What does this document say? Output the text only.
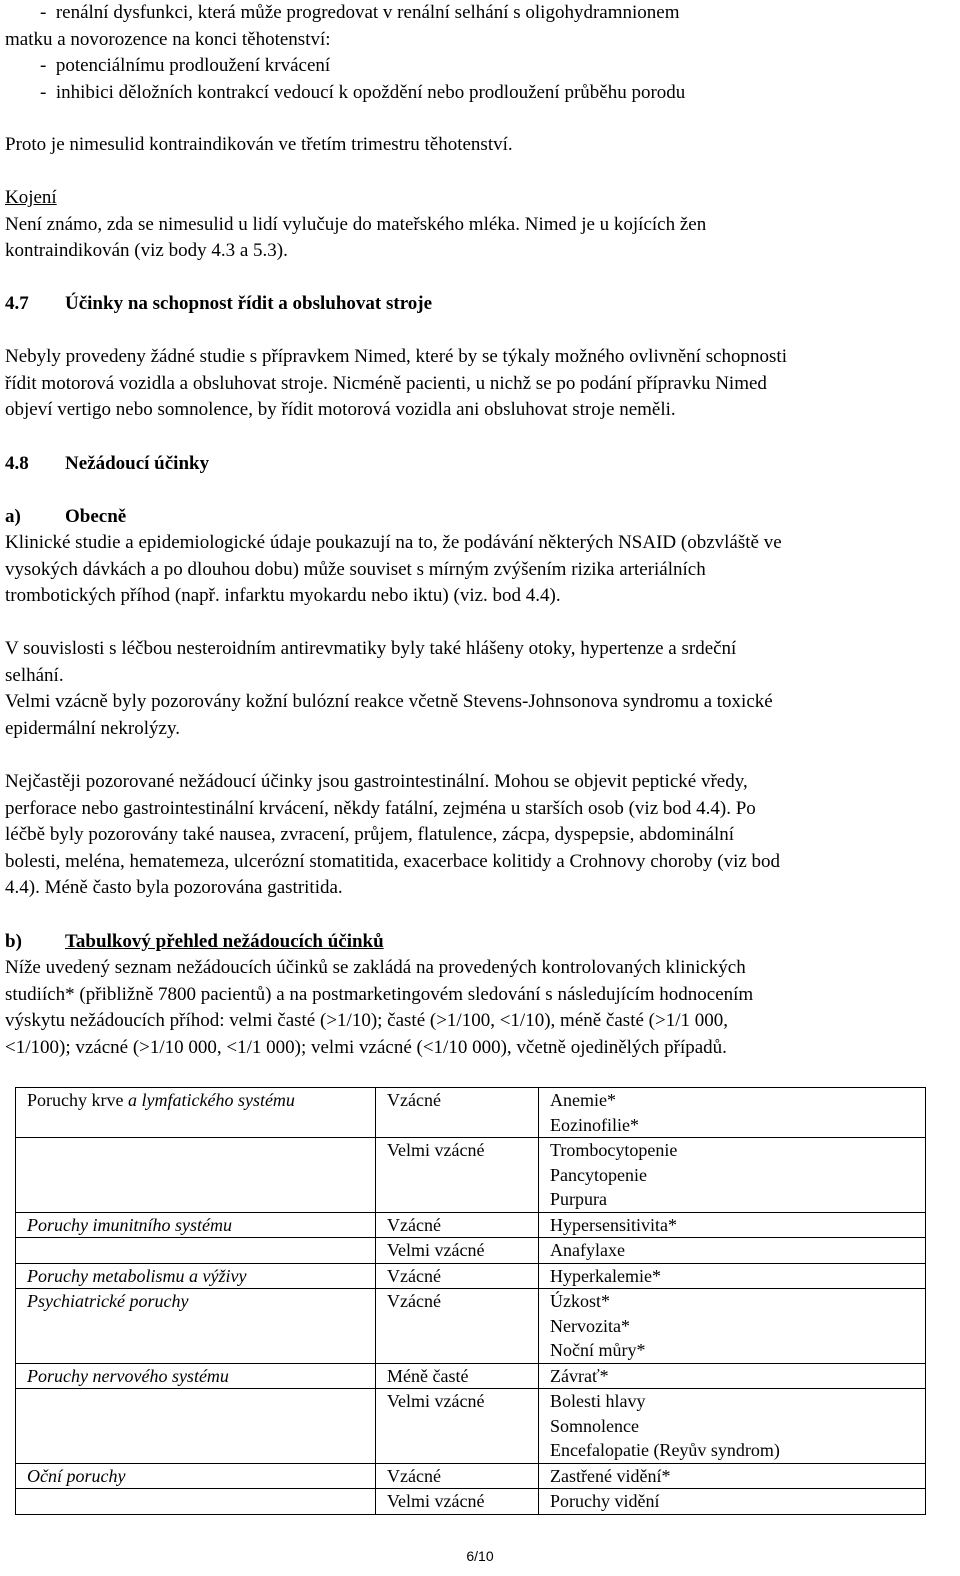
-  renální dysfunkci, která může progredovat v renální selhání s oligohydramnionem
matku a novorozence na konci těhotenství:
-  potenciálnímu prodloužení krvácení
-  inhibici děložních kontrakcí vedoucí k opoždění nebo prodloužení průběhu porodu

Proto je nimesulid kontraindikován ve třetím trimestru těhotenství.

Kojení
Není známo, zda se nimesulid u lidí vylučuje do mateřského mléka. Nimed je u kojících žen
kontraindikován (viz body 4.3 a 5.3).
4.7 Účinky na schopnost řídit a obsluhovat stroje
Nebyly provedeny žádné studie s přípravkem Nimed, které by se týkaly možného ovlivnění schopnosti
řídit motorová vozidla a obsluhovat stroje. Nicméně pacienti, u nichž se po podání přípravku Nimed
objeví vertigo nebo somnolence, by řídit motorová vozidla ani obsluhovat stroje neměli.
4.8 Nežádoucí účinky
a) Obecně
Klinické studie a epidemiologické údaje poukazují na to, že podávání některých NSAID (obzvláště ve
vysokých dávkách a po dlouhou dobu) může souviset s mírným zvýšením rizika arteriálních
trombotických příhod (např. infarktu myokardu nebo iktu) (viz. bod 4.4).
V souvislosti s léčbou nesteroidním antirevmatiky byly také hlášeny otoky, hypertenze a srdeční
selhání.
Velmi vzácně byly pozorovány kožní bulózní reakce včetně Stevens-Johnsonova syndromu a toxické
epidermální nekrolýzy.
Nejčastěji pozorované nežádoucí účinky jsou gastrointestinální. Mohou se objevit peptické vředy,
perforace nebo gastrointestinální krvácení, někdy fatální, zejména u starších osob (viz bod 4.4). Po
léčbě byly pozorovány také nausea, zvracení, průjem, flatulence, zácpa, dyspepsie, abdominální
bolesti, meléna, hematemeza, ulcerózní stomatitida, exacerbace kolitidy a Crohnovy choroby (viz bod
4.4). Méně často byla pozorována gastritida.
b) Tabulkový přehled nežádoucích účinků
Níže uvedený seznam nežádoucích účinků se zakládá na provedených kontrolovaných klinických
studiích* (přibližně 7800 pacientů) a na postmarketingovém sledování s následujícím hodnocením
výskytu nežádoucích příhod: velmi časté (>1/10); časté (>1/100, <1/10), méně časté (>1/1 000,
<1/100); vzácné (>1/10 000, <1/1 000); velmi vzácné (<1/10 000), včetně ojedinělých případů.
Poruchy krve a lymfatického systému	Vzácné	Anemie*
Eozinofilie*
	Velmi vzácné	Trombocytopenie
Pancytopenie
Purpura
Poruchy imunitního systému	Vzácné	Hypersensitivita*
	Velmi vzácné	Anafylaxe
Poruchy metabolismu a výživy	Vzácné	Hyperkalemie*
Psychiatrické poruchy	Vzácné	Úzkost*
Nervozita*
Noční můry*
Poruchy nervového systému	Méně časté	Závrať*
	Velmi vzácné	Bolesti hlavy
Somnolence
Encefalopatie (Reyův syndrom)
Oční poruchy	Vzácné	Zastřené vidění*
	Velmi vzácné	Poruchy vidění
6/10
